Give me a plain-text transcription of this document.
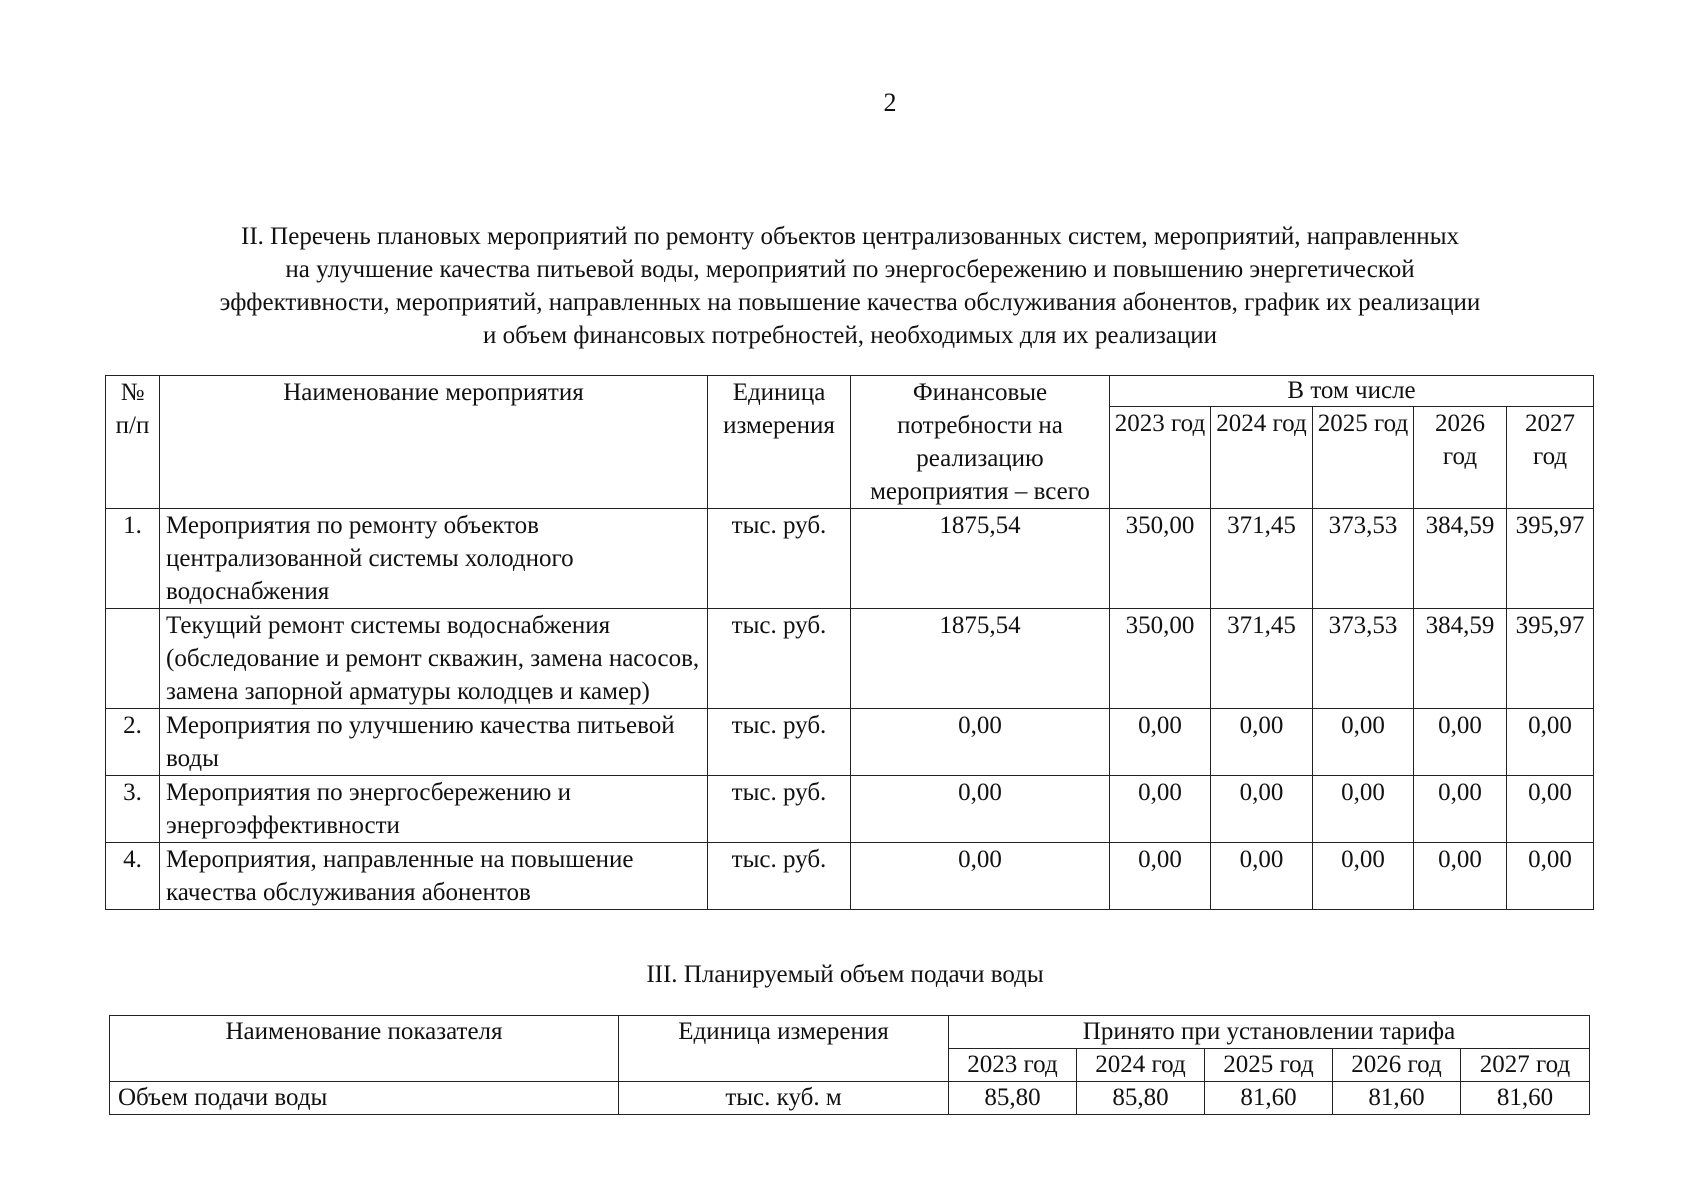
2
II. Перечень плановых мероприятий по ремонту объектов централизованных систем, мероприятий, направленных
на улучшение качества питьевой воды, мероприятий по энергосбережению и повышению энергетической
эффективности, мероприятий, направленных на повышение качества обслуживания абонентов, график их реализации
и объем финансовых потребностей, необходимых для их реализации
№ п/п	Наименование мероприятия	Единица измерения	Финансовые потребности на реализацию мероприятия – всего	В том числе				
				2023 год	2024 год	2025 год	2026 год	2027 год
1.	Мероприятия по ремонту объектов централизованной системы холодного водоснабжения	тыс. руб.	1875,54	350,00	371,45	373,53	384,59	395,97
	Текущий ремонт системы водоснабжения (обследование и ремонт скважин, замена насосов, замена запорной арматуры колодцев и камер)	тыс. руб.	1875,54	350,00	371,45	373,53	384,59	395,97
2.	Мероприятия по улучшению качества питьевой воды	тыс. руб.	0,00	0,00	0,00	0,00	0,00	0,00
3.	Мероприятия по энергосбережению и энергоэффективности	тыс. руб.	0,00	0,00	0,00	0,00	0,00	0,00
4.	Мероприятия, направленные на повышение качества обслуживания абонентов	тыс. руб.	0,00	0,00	0,00	0,00	0,00	0,00
III. Планируемый объем подачи воды
Наименование показателя	Единица измерения	Принято при установлении тарифа				
		2023 год	2024 год	2025 год	2026 год	2027 год
Объем подачи воды	тыс. куб. м	85,80	85,80	81,60	81,60	81,60
